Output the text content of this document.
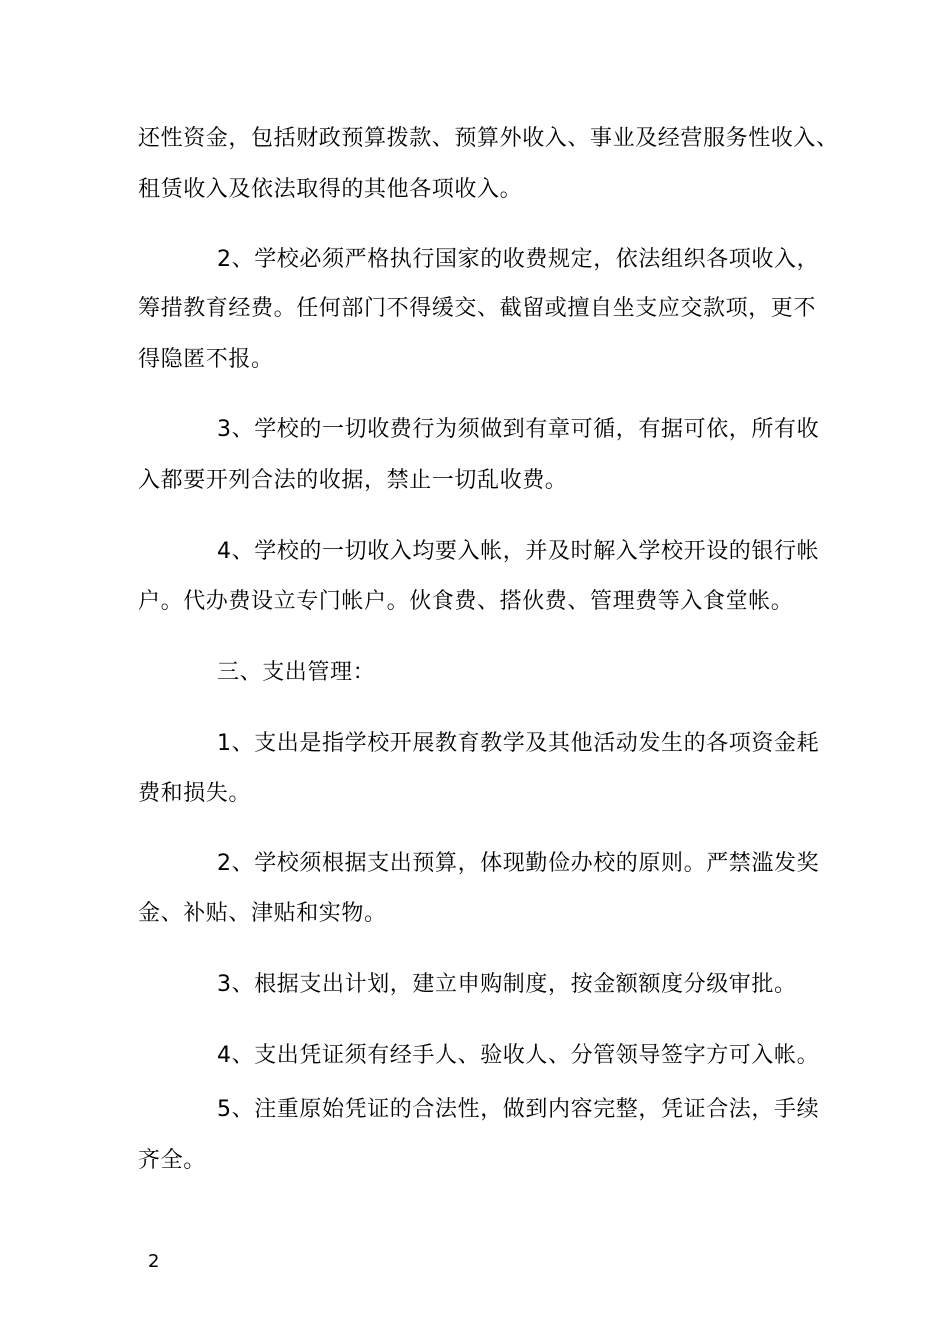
还性资金，包括财政预算拨款、预算外收入、事业及经营服务性收入、
租赁收入及依法取得的其他各项收入。
2、学校必须严格执行国家的收费规定，依法组织各项收入，
筹措教育经费。任何部门不得缓交、截留或擅自坐支应交款项，更不
得隐匿不报。
3、学校的一切收费行为须做到有章可循，有据可依，所有收
入都要开列合法的收据，禁止一切乱收费。
4、学校的一切收入均要入帐，并及时解入学校开设的银行帐
户。代办费设立专门帐户。伙食费、搭伙费、管理费等入食堂帐。
三、支出管理：
1、支出是指学校开展教育教学及其他活动发生的各项资金耗
费和损失。
2、学校须根据支出预算，体现勤俭办校的原则。严禁滥发奖
金、补贴、津贴和实物。
3、根据支出计划，建立申购制度，按金额额度分级审批。
4、支出凭证须有经手人、验收人、分管领导签字方可入帐。
5、注重原始凭证的合法性，做到内容完整，凭证合法，手续
齐全。
2
